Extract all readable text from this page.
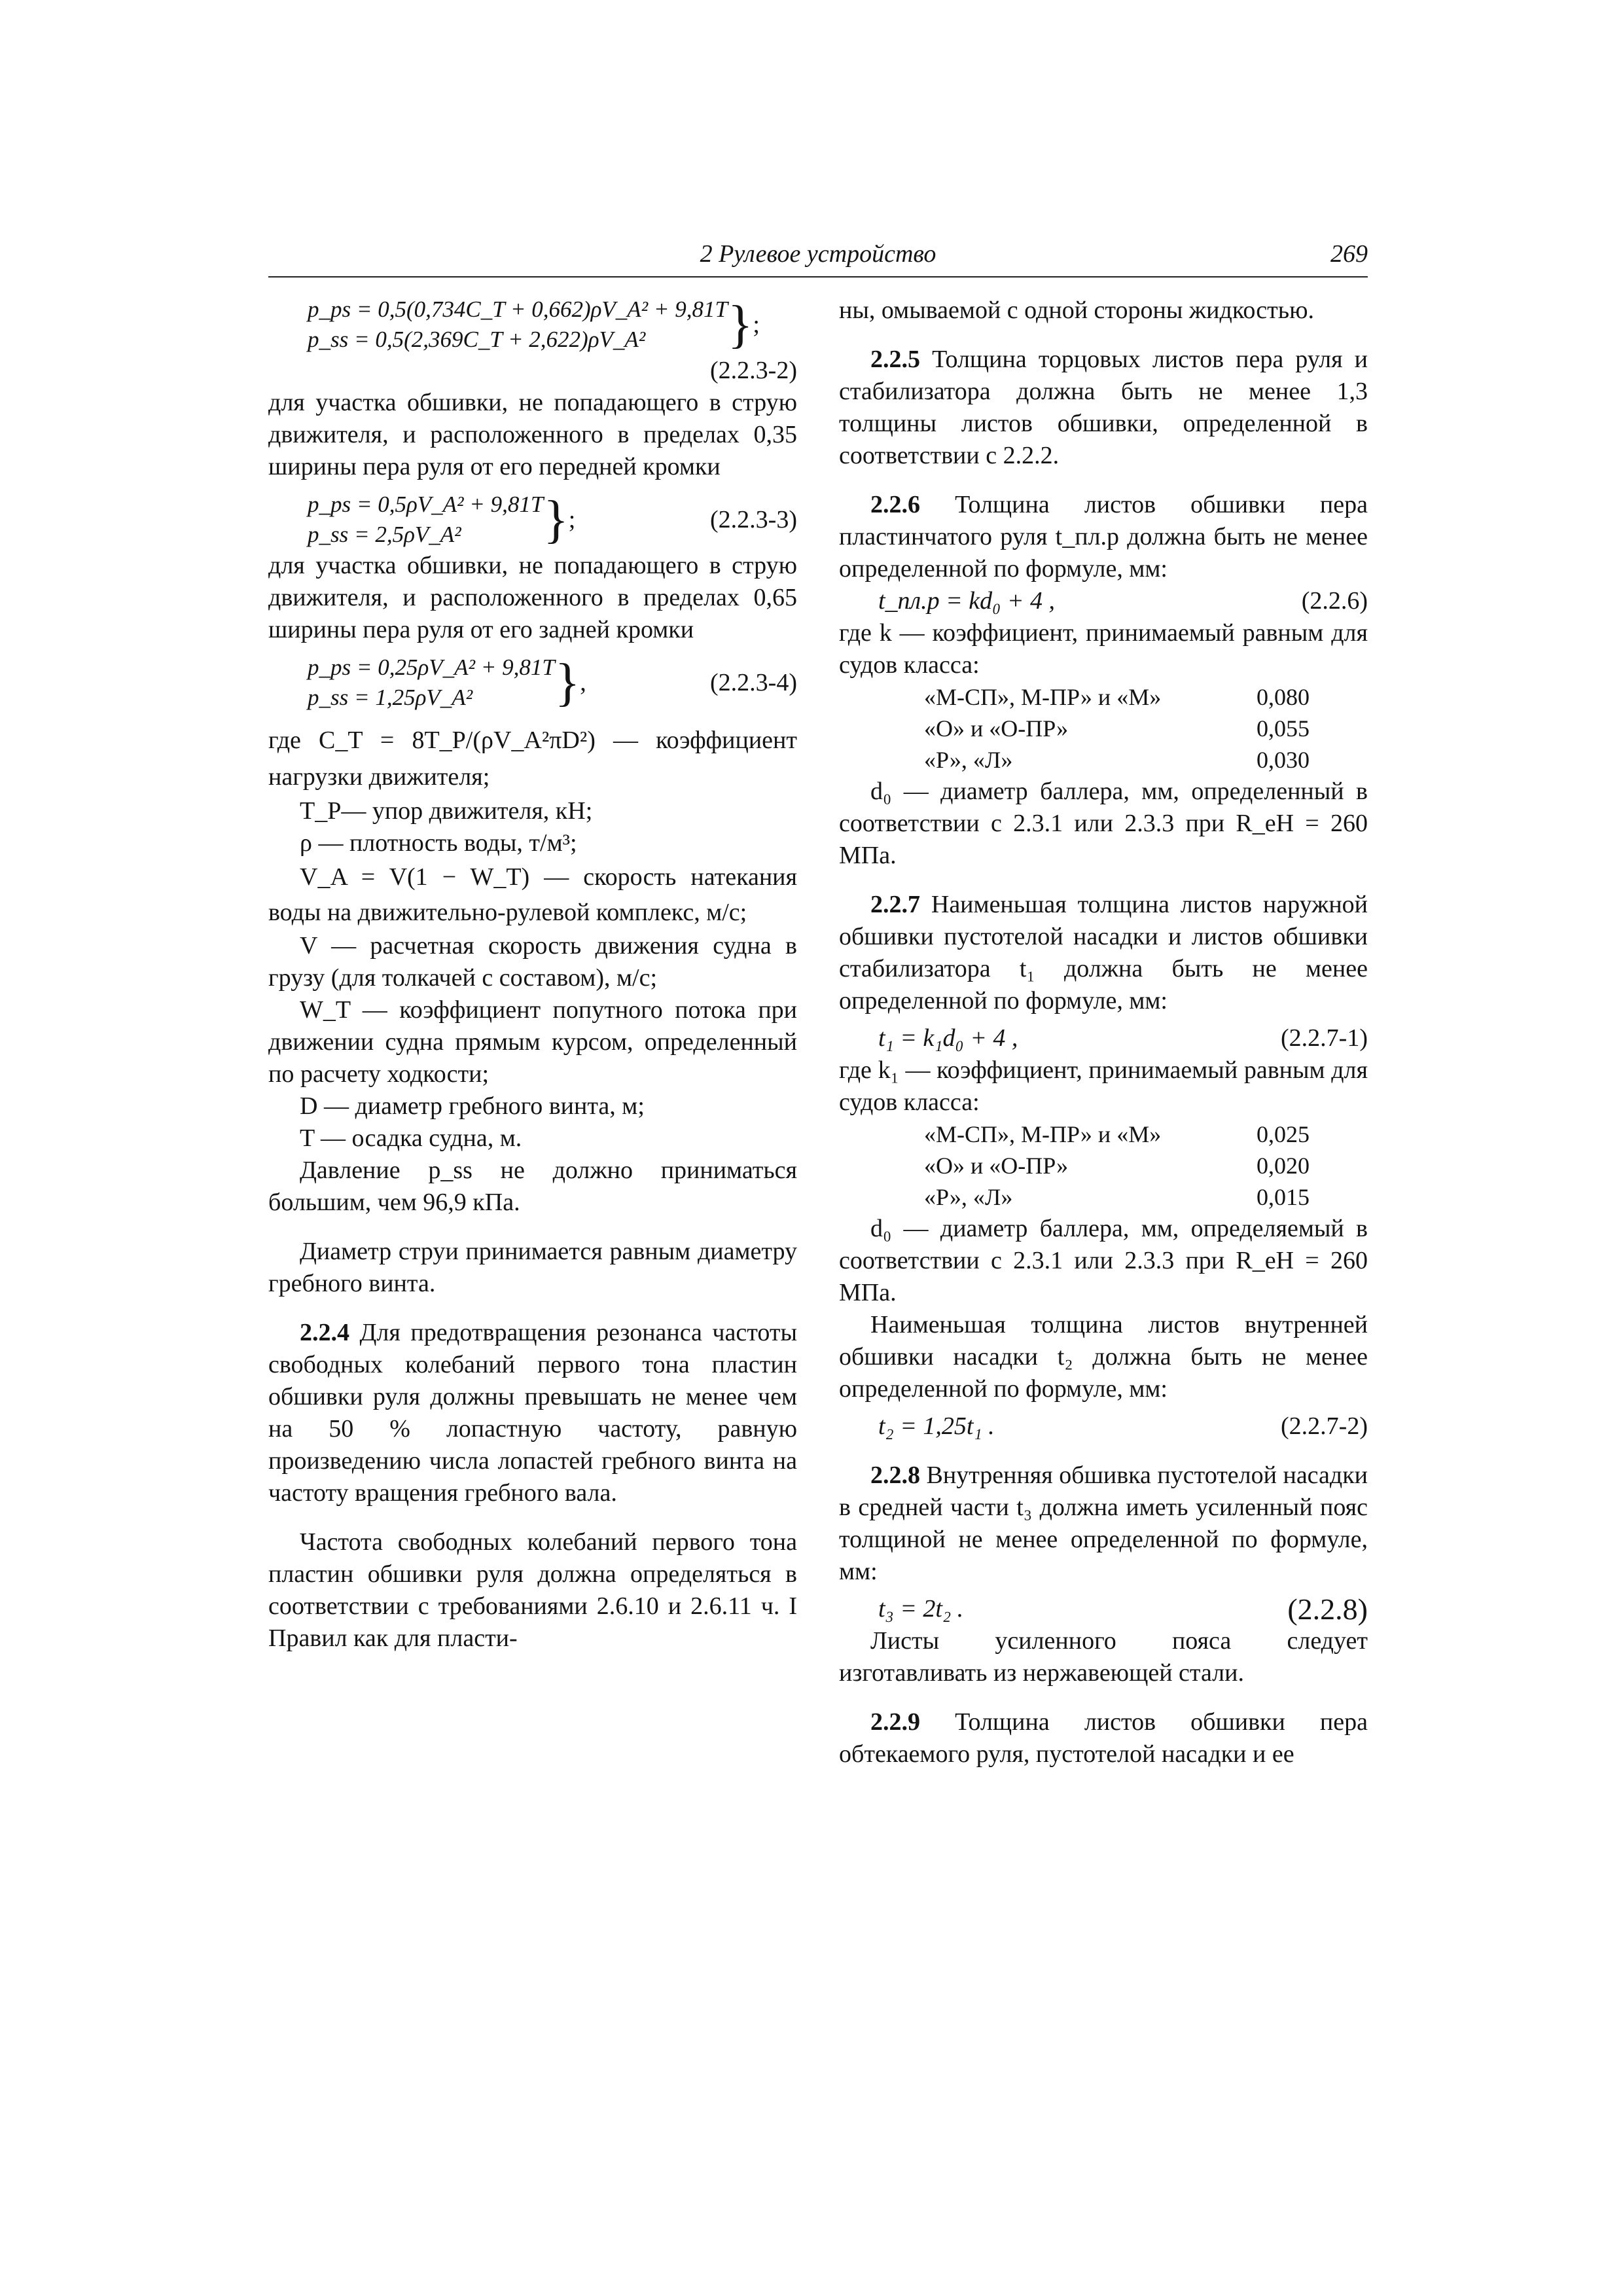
2 Рулевое устройство	269
p_ps = 0,5(0,734C_T + 0,662)ρV_A² + 9,81T
p_ss = 0,5(2,369C_T + 2,622)ρV_A²	} ;
(2.2.3-2)

для участка обшивки, не попадающего в струю движителя, и расположенного в пределах 0,35 ширины пера руля от его передней кромки

p_ps = 0,5ρV_A² + 9,81T
p_ss = 2,5ρV_A²	} ;	(2.2.3-3)

для участка обшивки, не попадающего в струю движителя, и расположенного в пределах 0,65 ширины пера руля от его задней кромки

p_ps = 0,25ρV_A² + 9,81T
p_ss = 1,25ρV_A²	} ,	(2.2.3-4)

где C_T = 8T_P/(ρV_A²πD²) — коэффициент нагрузки движителя;

T_P— упор движителя, кН;

ρ — плотность воды, т/м³;

V_A = V(1 − W_T) — скорость натекания воды на движительно-рулевой комплекс, м/с;

V — расчетная скорость движения судна в грузу (для толкачей с составом), м/с;

W_T — коэффициент попутного потока при движении судна прямым курсом, определенный по расчету ходкости;

D — диаметр гребного винта, м;

T — осадка судна, м.

Давление p_ss не должно приниматься большим, чем 96,9 кПа.

Диаметр струи принимается равным диаметру гребного винта.

2.2.4 Для предотвращения резонанса частоты свободных колебаний первого тона пластин обшивки руля должны превышать не менее чем на 50 % лопастную частоту, равную произведению числа лопастей гребного винта на частоту вращения гребного вала.

Частота свободных колебаний первого тона пластин обшивки руля должна определяться в соответствии с требованиями 2.6.10 и 2.6.11 ч. I Правил как для пласти-

ны, омываемой с одной стороны жидкостью.

2.2.5 Толщина торцовых листов пера руля и стабилизатора должна быть не менее 1,3 толщины листов обшивки, определенной в соответствии с 2.2.2.

2.2.6 Толщина листов обшивки пера пластинчатого руля t_пл.р должна быть не менее определенной по формуле, мм:

t_пл.р = kd₀ + 4 ,	(2.2.6)

где k — коэффициент, принимаемый равным для судов класса:

«М-СП», М-ПР» и «М»	0,080
«О» и «О-ПР»	0,055
«Р», «Л»	0,030

d₀ — диаметр баллера, мм, определенный в соответствии с 2.3.1 или 2.3.3 при R_eH = 260 МПа.

2.2.7 Наименьшая толщина листов наружной обшивки пустотелой насадки и листов обшивки стабилизатора t₁ должна быть не менее определенной по формуле, мм:

t₁ = k₁d₀ + 4 ,	(2.2.7-1)

где k₁ — коэффициент, принимаемый равным для судов класса:

«М-СП», М-ПР» и «М»	0,025
«О» и «О-ПР»	0,020
«Р», «Л»	0,015

d₀ — диаметр баллера, мм, определяемый в соответствии с 2.3.1 или 2.3.3 при R_eH = 260 МПа.

Наименьшая толщина листов внутренней обшивки насадки t₂ должна быть не менее определенной по формуле, мм:

t₂ = 1,25t₁ .	(2.2.7-2)

2.2.8 Внутренняя обшивка пустотелой насадки в средней части t₃ должна иметь усиленный пояс толщиной не менее определенной по формуле, мм:

t₃ = 2t₂ .	(2.2.8)

Листы усиленного пояса следует изготавливать из нержавеющей стали.

2.2.9 Толщина листов обшивки пера обтекаемого руля, пустотелой насадки и ее
